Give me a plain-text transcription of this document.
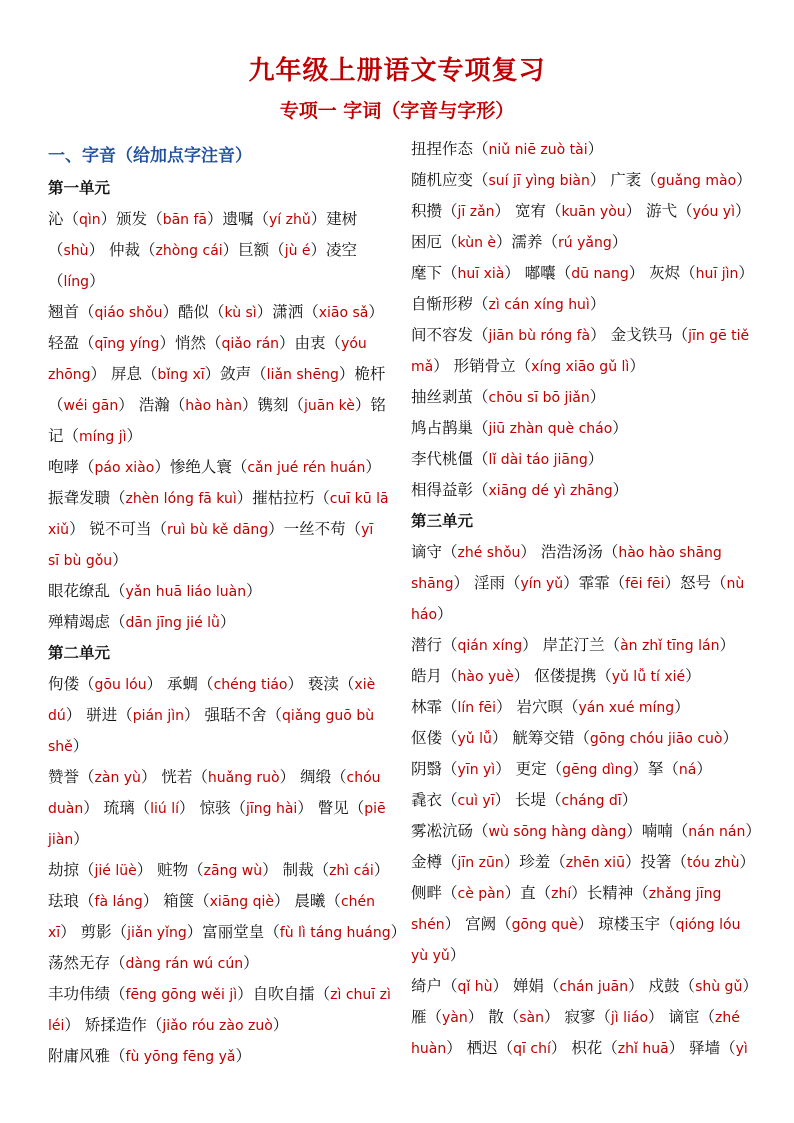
九年级上册语文专项复习
专项一 字词（字音与字形）
一、字音（给加点字注音）
第一单元
沁（qìn）颁发（bān fā）遗嘱（yí zhǔ）建树
（shù） 仲裁（zhòng cái）巨额（jù é）凌空
（líng）
翘首（qiáo shǒu）酷似（kù sì）潇洒（xiāo sǎ）
轻盈（qīng yíng）悄然（qiǎo rán）由衷（yóu
zhōng） 屏息（bǐng xī）敛声（liǎn shēng）桅杆
（wéi gān） 浩瀚（hào hàn）镌刻（juān kè）铭
记（míng jì）
咆哮（páo xiào）惨绝人寰（cǎn jué rén huán）
振聋发聩（zhèn lóng fā kuì）摧枯拉朽（cuī kū lā
xiǔ） 锐不可当（ruì bù kě dāng）一丝不苟（yī
sī bù gǒu）
眼花缭乱（yǎn huā liáo luàn）
殚精竭虑（dān jīng jié lǜ）
第二单元
佝偻（gōu lóu） 承蜩（chéng tiáo） 亵渎（xiè
dú） 骈进（pián jìn） 强聒不舍（qiǎng guō bù
shě）
赞誉（zàn yù） 恍若（huǎng ruò） 绸缎（chóu
duàn） 琉璃（liú lí） 惊骇（jīng hài） 瞥见（piē
jiàn）
劫掠（jié lüè） 赃物（zāng wù） 制裁（zhì cái）
珐琅（fà láng） 箱箧（xiāng qiè） 晨曦（chén
xī） 剪影（jiǎn yǐng）富丽堂皇（fù lì táng huáng）
荡然无存（dàng rán wú cún）
丰功伟绩（fēng gōng wěi jì）自吹自擂（zì chuī zì
léi） 矫揉造作（jiǎo róu zào zuò）
附庸风雅（fù yōng fēng yǎ）
扭捏作态（niǔ niē zuò tài）
随机应变（suí jī yìng biàn） 广袤（guǎng mào）
积攒（jī zǎn） 宽宥（kuān yòu） 游弋（yóu yì）
困厄（kùn è）濡养（rú yǎng）
麾下（huī xià） 嘟囔（dū nang） 灰烬（huī jìn）
自惭形秽（zì cán xíng huì）
间不容发（jiān bù róng fà） 金戈铁马（jīn gē tiě
mǎ） 形销骨立（xíng xiāo gǔ lì）
抽丝剥茧（chōu sī bō jiǎn）
鸠占鹊巢（jiū zhàn què cháo）
李代桃僵（lǐ dài táo jiāng）
相得益彰（xiāng dé yì zhāng）
第三单元
谪守（zhé shǒu） 浩浩汤汤（hào hào shāng
shāng） 淫雨（yín yǔ）霏霏（fēi fēi）怒号（nù
háo）
潜行（qián xíng） 岸芷汀兰（àn zhǐ tīng lán）
皓月（hào yuè） 伛偻提携（yǔ lǚ tí xié）
林霏（lín fēi） 岩穴暝（yán xué míng）
伛偻（yǔ lǚ） 觥筹交错（gōng chóu jiāo cuò）
阴翳（yīn yì） 更定（gēng dìng）拏（ná）
毳衣（cuì yī） 长堤（cháng dī）
雾凇沆砀（wù sōng hàng dàng）喃喃（nán nán）
金樽（jīn zūn）珍羞（zhēn xiū）投箸（tóu zhù）
侧畔（cè pàn）直（zhí）长精神（zhǎng jīng
shén） 宫阙（gōng què） 琼楼玉宇（qióng lóu
yù yǔ）
绮户（qǐ hù） 婵娟（chán juān） 戍鼓（shù gǔ）
雁（yàn） 散（sàn） 寂寥（jì liáo） 谪宦（zhé
huàn） 栖迟（qī chí） 枳花（zhǐ huā） 驿墙（yì
